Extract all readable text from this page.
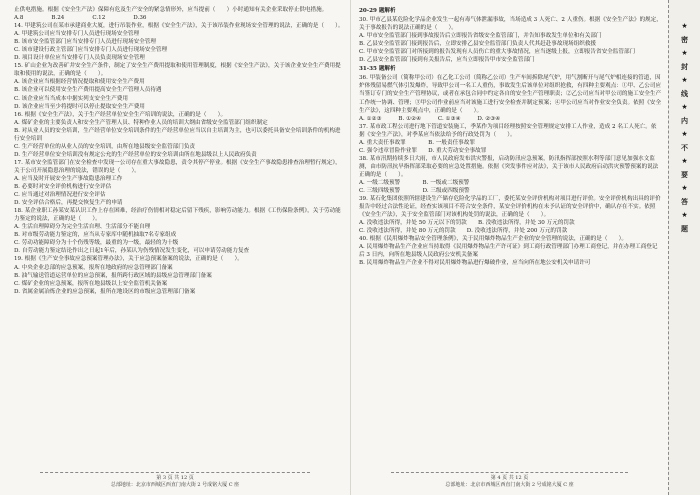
止供电措施。根据《安全生产法》保障有危及生产安全的紧急情形外，应当提前（　　）小时通知有关企业采取停止供电措施。

A.8　　　　　B.24　　　　　C.12　　　　　D.36

14. 甲建筑公司在某市承建商业大厦，进行吊装作业，根据《安全生产法》，关于该吊装作业现场安全管理的说法，正确的是（　　）。

A. 甲建筑公司应当安排专门人员进行现场安全管理

B. 该市安全监管部门应当安排专门人员进行现场安全管理

C. 该市建设行政主管部门应当安排专门人员进行现场安全管理

D. 项目设计单位应当安排专门人员负责现场安全管理

15. 矿山企业为改善矿井安全生产条件，制定了安全生产费用提取和使用管理制度，根据《安全生产法》，关于该企业安全生产费用提取和使用的说法，正确的是（　　）。

A. 该企业应当根据经营情况提取和使用安全生产费用

B. 该企业可以使用安全生产费用提高安全生产管理人员待遇

C. 该企业应当当成本中据实列支安全生产费用

D. 该企业应当至少将提时可以停止提取安全生产费用

16. 根据《安全生产法》，关于生产经营单位安全生产培训的说法，正确的是（　　）。

A. 煤矿企业的主要负责人和安全生产管理人员、特种作业人员的培训大纲由省级安全监管部门组织制定

B. 对从业人员的安全培训，生产经营单位安全培训条件的生产经营单位应当以自主培训为主，也可以委托具备安全培训条件的机构进行安全培训

C. 生产经营单位的从业人员的安全培训，由所在地县级安全监管部门负责

D. 生产经营单位安全培训没有规定公允的生产经营单位的安全培训由所在地县级以上人民政府负责

17. 某市安全监管部门在安全检查中发现一公司存在重大事故隐患，责令其停产停业。根据《安全生产事故隐患排查治理暂行规定》，关于公司开展隐患治理的说法，错误的是（　　）。

A. 应当及时开展安全生产事故隐患治理工作

B. 必要时对安全评价机构进行安全评估

C. 应当通过对治理情况进行安全评估

D. 安全评估合格后，再提交恢复生产的申请

18. 某企业职工孙某安某认识工作上存在困难，经治疗伤情相对稳定后留下残疾，影响劳动能力。根据《工伤保险条例》，关于劳动能力鉴定的说法，正确的是（　　）。

A. 生活自理障碍分为完全生活自理、生活部分不能自理

B. 对市级劳动能力鉴定的，应当从专家库中随机抽取7名专家组成

C. 劳动功能障碍分为十个伤残等级，最重的为一级，最轻的为十级

D. 自劳动能力鉴定结论作出之日起1年后，孙某认为伤残情况发生变化，可以申请劳动能力复查

19. 根据《生产安全事故应急预案管理办法》，关于应急预案备案的说法，正确的是（　　）。

A. 中央企业总部的应急预案，报所在地政府的应急管理部门备案

B. 油气输送管道运营单位的应急预案，报所跨行政区域的县级应急管理部门备案

C. 煤矿企业的应急预案，报所在地县级以上安全监管机关备案

D. 省属金属冶炼企业的应急预案，报所在地设区的市级应急管理部门备案

第 3 页 共 12 页
总部地址：北京市西城区西直门南大街 2 号成铭大厦 C 座

20-29 题解析

30. 甲市乙县某危险化学品企业发生一起有毒气体泄漏事故，当场造成 3 人死亡、2 人重伤。根据《安全生产法》的规定，关于事故报告的说法正确的是（　　）。

A. 甲市安全监管部门接到事故报告后立即报告省级安全监管部门，并告知事故发生单位和有关部门

B. 乙县安全监管部门接到报告后，立即安排乙县安全监管部门负责人代其赶赴事故现场组织救援

C. 甲市安全监管部门对所接到的报告发现有人员伤亡的重大事故情况，应当逐级上报，立即报告省安全监管部门

D. 乙县安全监管部门接到有关报告后，应当立即报告甲市安全监管部门

31-35 题解析

36. 甲装备公司（简称甲公司）在乙化工公司（简称乙公司）生产车间拆除尾气炉，用气割断开与尾气炉相连接的管道，因炉体残留易燃气体引发爆炸，导致甲公司一名工人重伤，事故发生后该单位对组织抢救，有四种主要观点：①甲、乙公司应当签订专门的安全生产管理协议，或者在承包合同中约定各自的安全生产管理职责；②乙公司应当对甲公司的施工安全生产工作统一协调、管理；③甲公司作业前应当对该施工进行安全检查并制定预案；④甲公司应当对作业安全负责。依照《安全生产法》，这四种主要观点中，正确的是（　　）。

A. ①②③　　　B. ①②④　　　C. ①③④　　　D. ②③④

37. 某市政工程公司进行地下管道安装施工，季某作为项目经理按照安全管理规定安排工人作业，造成 2 名工人死亡。依据《安全生产法》，对季某应当依法给予的行政处罚为（　　）。

A. 重大责任事故罪　　　　B. 一般责任事故罪

C. 强令违章冒险作业罪　　D. 重大劳动安全事故罪

38. 某市汛期持续多日大雨，市人民政府发布洪灾警报，启动防汛应急预案，防汛指挥部按照水利等部门意见加强水文监测，由市防汛抗旱指挥部采取必要的应急处置措施。依据《突发事件应对法》，关于该市人民政府启动洪灾预警预案的说法正确的是（　　）。

A. 一级二级预警　　　　B. 一级或二级预警

C. 三级四级预警　　　　D. 三级或四级预警

39. 某石化集团依照所辖建设生产储存危险化学品的工厂，委托某安全评价机构对项目进行评价。安全评价机构出具的评价报告中经过合法性论证，经查实该项目不符合安全条件，某安全评价机构在未予认证的安全评价中，确认存在不实。依照《安全生产法》，关于安全监管部门对该机构处罚的说法，正确的是（　　）。

A. 没收违法所得，并处 50 万元以下的罚款　　B. 没收违法所得，并处 30 万元的罚款

C. 没收违法所得，并处 80 万元的罚款　　D. 没收违法所得，并处 200 万元的罚款

40. 根据《民用爆炸物品安全管理条例》，关于民用爆炸物品生产企业的安全管理的说法，正确的是（　　）。

A. 民用爆炸物品生产企业应当持取得《民用爆炸物品生产许可证》到工商行政管理部门办理工商登记，并在办理工商登记后 3 日内，向所在地县级人民政府公安机关备案

B. 民用爆炸物品生产企业不得对民用爆炸物品进行爆破作业，应当向所在地公安机关申请许可

第 4 页 共 12 页
总部地址：北京市西城区西直门南大街 2 号成铭大厦 C 座
★
密
★
封
★
线
★
内
★
不
★
要
★
答
★
题
